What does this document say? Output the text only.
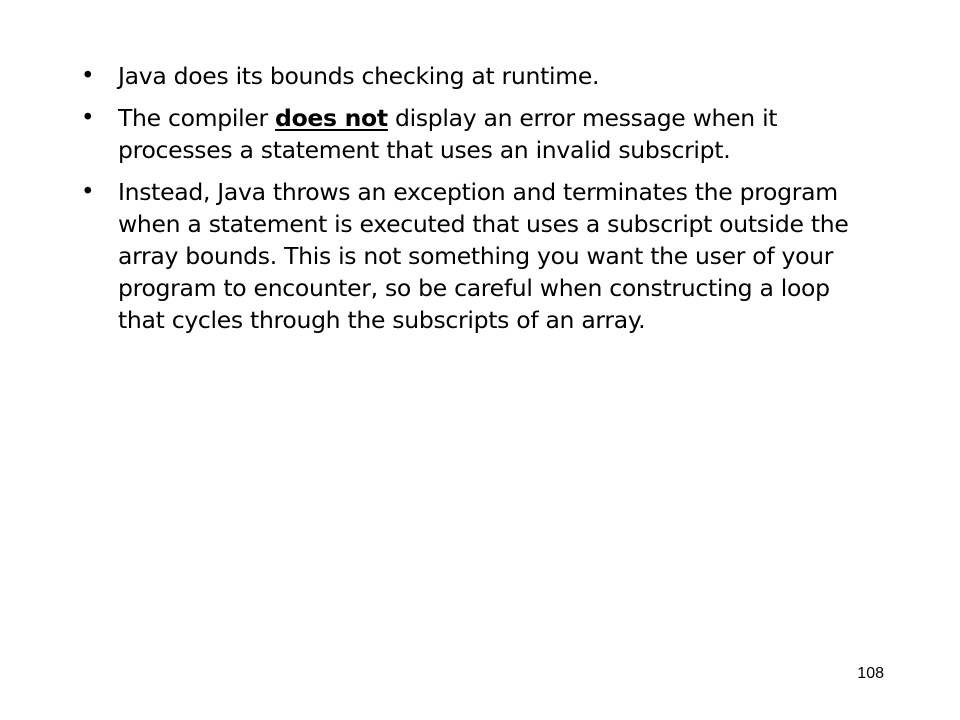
• Java does its bounds checking at runtime.
• The compiler does not display an error message when it processes a statement that uses an invalid subscript.
• Instead, Java throws an exception and terminates the program when a statement is executed that uses a subscript outside the array bounds. This is not something you want the user of your program to encounter, so be careful when constructing a loop that cycles through the subscripts of an array.
108
